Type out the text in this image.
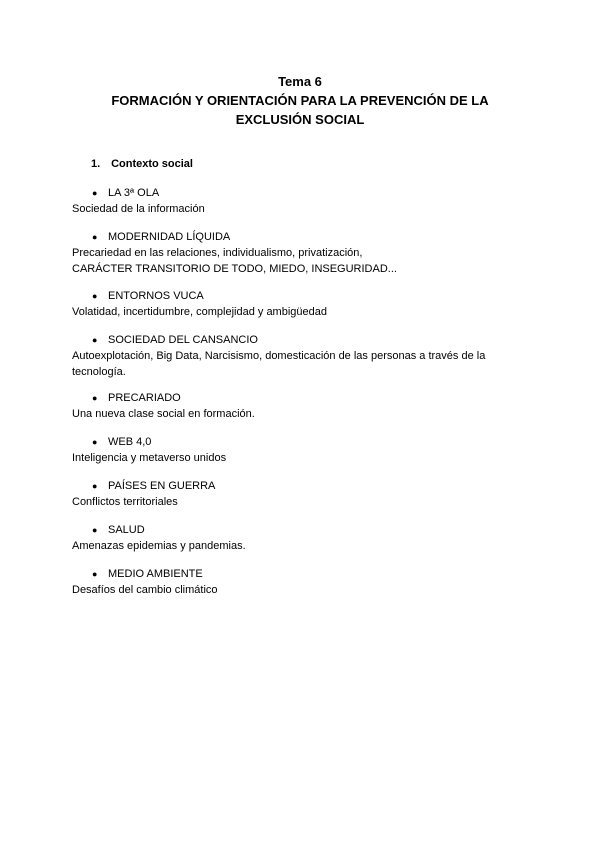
Tema 6
FORMACIÓN Y ORIENTACIÓN PARA LA PREVENCIÓN DE LA
EXCLUSIÓN SOCIAL
1. Contexto social
● LA 3ª OLA
Sociedad de la información
● MODERNIDAD LÍQUIDA
Precariedad en las relaciones, individualismo, privatización,
CARÁCTER TRANSITORIO DE TODO, MIEDO, INSEGURIDAD...
● ENTORNOS VUCA
Volatidad, incertidumbre, complejidad y ambigüedad
● SOCIEDAD DEL CANSANCIO
Autoexplotación, Big Data, Narcisismo, domesticación de las personas a través de la
tecnología.
● PRECARIADO
Una nueva clase social en formación.
● WEB 4,0
Inteligencia y metaverso unidos
● PAÍSES EN GUERRA
Conflictos territoriales
● SALUD
Amenazas epidemias y pandemias.
● MEDIO AMBIENTE
Desafíos del cambio climático
